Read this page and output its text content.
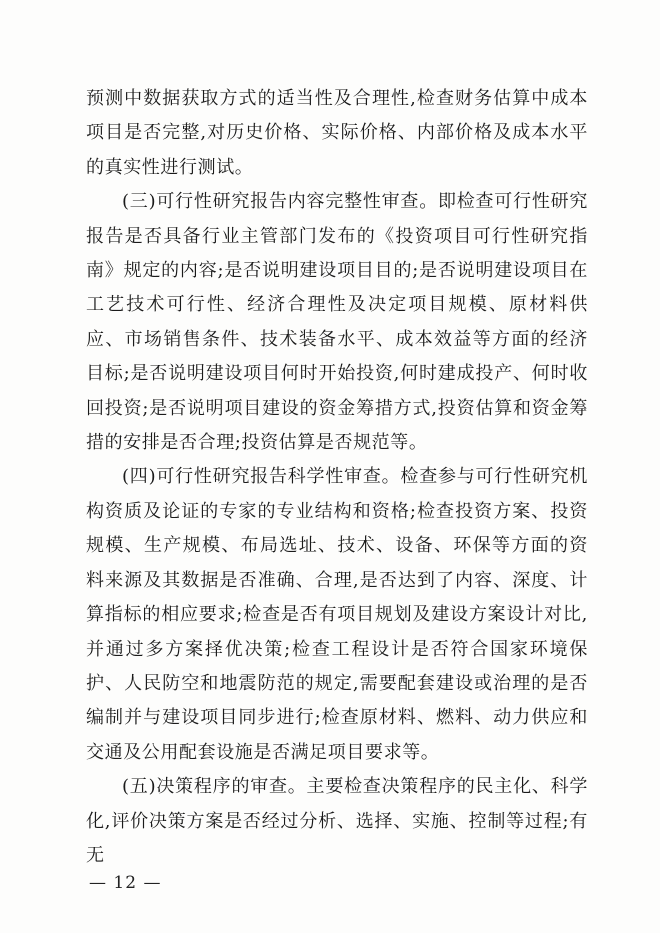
预测中数据获取方式的适当性及合理性,检查财务估算中成本项目是否完整,对历史价格、实际价格、内部价格及成本水平的真实性进行测试。

(三)可行性研究报告内容完整性审查。即检查可行性研究报告是否具备行业主管部门发布的《投资项目可行性研究指南》规定的内容;是否说明建设项目目的;是否说明建设项目在工艺技术可行性、经济合理性及决定项目规模、原材料供应、市场销售条件、技术装备水平、成本效益等方面的经济目标;是否说明建设项目何时开始投资,何时建成投产、何时收回投资;是否说明项目建设的资金筹措方式,投资估算和资金筹措的安排是否合理;投资估算是否规范等。

(四)可行性研究报告科学性审查。检查参与可行性研究机构资质及论证的专家的专业结构和资格;检查投资方案、投资规模、生产规模、布局选址、技术、设备、环保等方面的资料来源及其数据是否准确、合理,是否达到了内容、深度、计算指标的相应要求;检查是否有项目规划及建设方案设计对比,并通过多方案择优决策;检查工程设计是否符合国家环境保护、人民防空和地震防范的规定,需要配套建设或治理的是否编制并与建设项目同步进行;检查原材料、燃料、动力供应和交通及公用配套设施是否满足项目要求等。

(五)决策程序的审查。主要检查决策程序的民主化、科学化,评价决策方案是否经过分析、选择、实施、控制等过程;有无

— 12 —
